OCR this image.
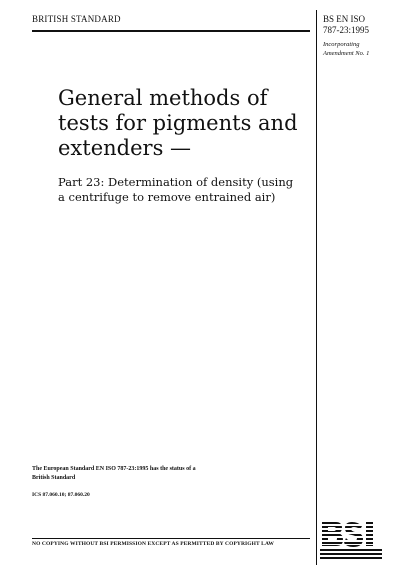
BRITISH STANDARD	BS EN ISO
787-23:1995
Incorporating
Amendment No. 1
General methods of
tests for pigments and
extenders —
Part 23: Determination of density (using
a centrifuge to remove entrained air)
The European Standard EN ISO 787-23:1995 has the status of a
British Standard
ICS 87.060.10; 87.060.20
NO COPYING WITHOUT BSI PERMISSION EXCEPT AS PERMITTED BY COPYRIGHT LAW
